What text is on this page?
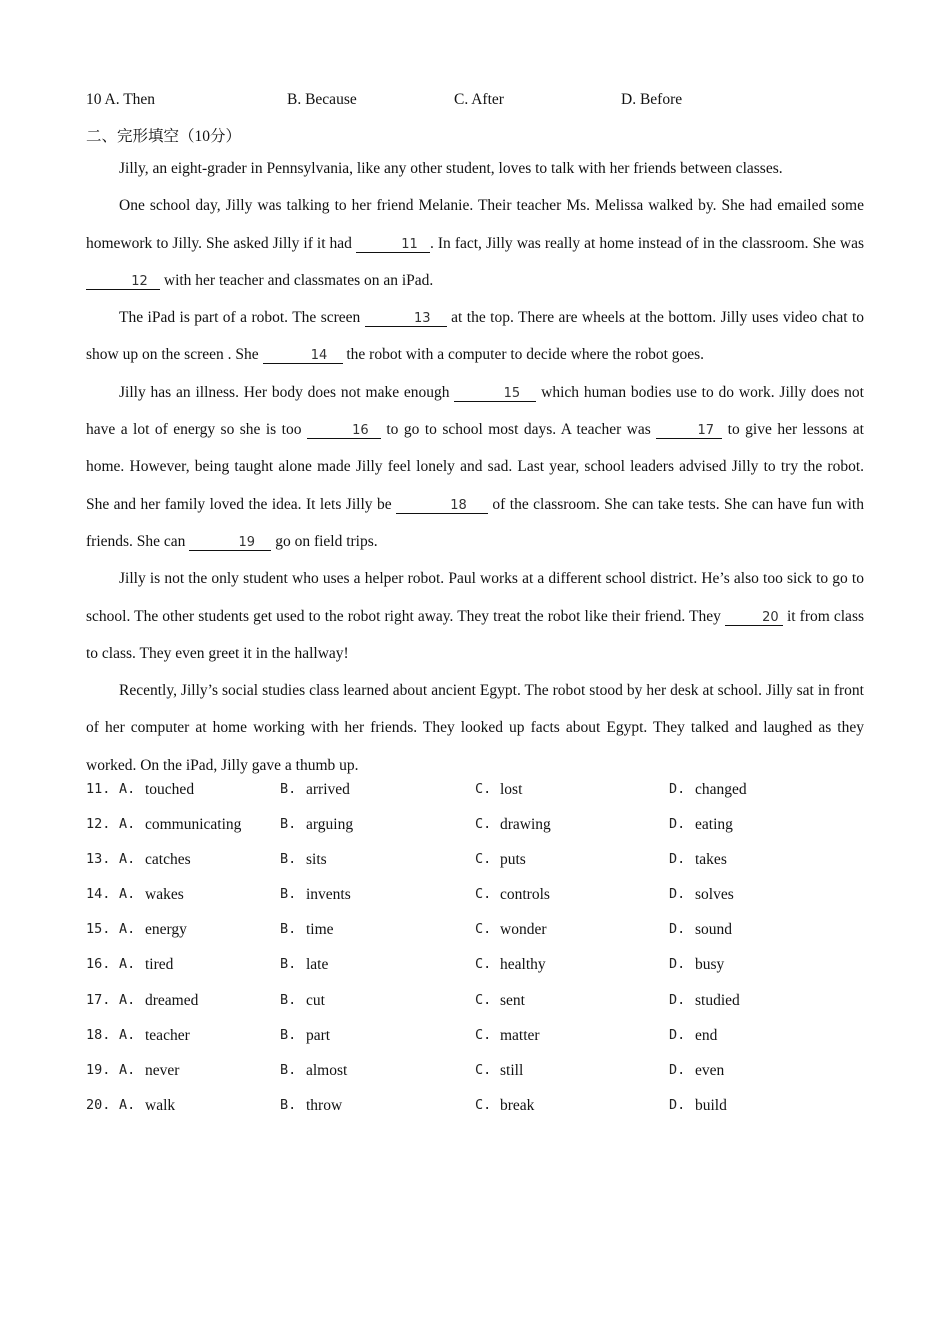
10 A. Then	B. Because	C. After	D. Before
二、完形填空（10分）

Jilly, an eight-grader in Pennsylvania, like any other student, loves to talk with her friends between classes.

One school day, Jilly was talking to her friend Melanie. Their teacher Ms. Melissa walked by. She had emailed some homework to Jilly. She asked Jilly if it had	11 . In fact, Jilly was really at home instead of in the classroom. She was 12 with her teacher and classmates on an iPad.

The iPad is part of a robot. The screen	13 at the top. There are wheels at the bottom. Jilly uses video chat to show up on the screen . She	14 the robot with a computer to decide where the robot goes.

Jilly has an illness. Her body does not make enough	15 which human bodies use to do work. Jilly does not have a lot of energy so she is too	16 to go to school most days. A teacher was	17 to give her lessons at home. However, being taught alone made Jilly feel lonely and sad. Last year, school leaders advised Jilly to try the robot. She and her family loved the idea. It lets Jilly be	18 of the classroom. She can take tests. She can have fun with friends. She can	19 go on field trips.

Jilly is not the only student who uses a helper robot. Paul works at a different school district. He’s also too sick to go to school. The other students get used to the robot right away. They treat the robot like their friend. They	20 it from class to class. They even greet it in the hallway!

Recently, Jilly’s social studies class learned about ancient Egypt. The robot stood by her desk at school. Jilly sat in front of her computer at home working with her friends. They looked up facts about Egypt. They talked and laughed as they worked. On the iPad, Jilly gave a thumb up.

11. A. touched	B. arrived	C. lost	D. changed
12. A. communicating	B. arguing	C. drawing	D. eating
13. A. catches	B. sits	C. puts	D. takes
14. A. wakes	B. invents	C. controls	D. solves
15. A. energy	B. time	C. wonder	D. sound
16. A. tired	B. late	C. healthy	D. busy
17. A. dreamed	B. cut	C. sent	D. studied
18. A. teacher	B. part	C. matter	D. end
19. A. never	B. almost	C. still	D. even
20. A. walk	B. throw	C. break	D. build
